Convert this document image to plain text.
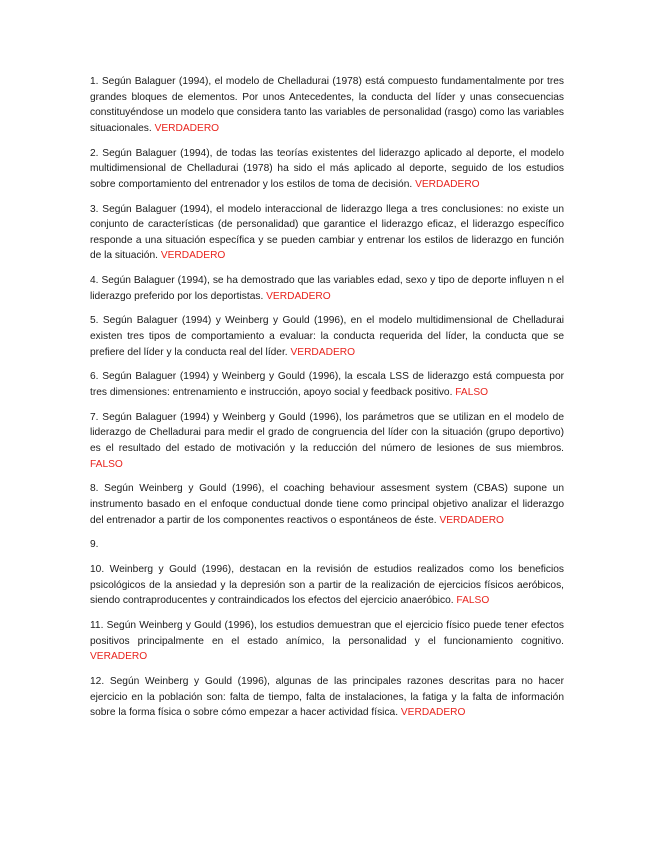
1. Según Balaguer (1994), el modelo de Chelladurai (1978) está compuesto fundamentalmente por tres grandes bloques de elementos. Por unos Antecedentes, la conducta del líder y unas consecuencias constituyéndose un modelo que considera tanto las variables de personalidad (rasgo) como las variables situacionales. VERDADERO

2. Según Balaguer (1994), de todas las teorías existentes del liderazgo aplicado al deporte, el modelo multidimensional de Chelladurai (1978) ha sido el más aplicado al deporte, seguido de los estudios sobre comportamiento del entrenador y los estilos de toma de decisión. VERDADERO

3. Según Balaguer (1994), el modelo interaccional de liderazgo llega a tres conclusiones: no existe un conjunto de características (de personalidad) que garantice el liderazgo eficaz, el liderazgo específico responde a una situación específica y se pueden cambiar y entrenar los estilos de liderazgo en función de la situación. VERDADERO

4. Según Balaguer (1994), se ha demostrado que las variables edad, sexo y tipo de deporte influyen n el liderazgo preferido por los deportistas. VERDADERO

5. Según Balaguer (1994) y Weinberg y Gould (1996), en el modelo multidimensional de Chelladurai existen tres tipos de comportamiento a evaluar: la conducta requerida del líder, la conducta que se prefiere del líder y la conducta real del líder. VERDADERO

6. Según Balaguer (1994) y Weinberg y Gould (1996), la escala LSS de liderazgo está compuesta por tres dimensiones: entrenamiento e instrucción, apoyo social y feedback positivo. FALSO

7. Según Balaguer (1994) y Weinberg y Gould (1996), los parámetros que se utilizan en el modelo de liderazgo de Chelladurai para medir el grado de congruencia del líder con la situación (grupo deportivo) es el resultado del estado de motivación y la reducción del número de lesiones de sus miembros. FALSO

8. Según Weinberg y Gould (1996), el coaching behaviour assesment system (CBAS) supone un instrumento basado en el enfoque conductual donde tiene como principal objetivo analizar el liderazgo del entrenador a partir de los componentes reactivos o espontáneos de éste. VERDADERO

9.

10. Weinberg y Gould (1996), destacan en la revisión de estudios realizados como los beneficios psicológicos de la ansiedad y la depresión son a partir de la realización de ejercicios físicos aeróbicos, siendo contraproducentes y contraindicados los efectos del ejercicio anaeróbico. FALSO

11. Según Weinberg y Gould (1996), los estudios demuestran que el ejercicio físico puede tener efectos positivos principalmente en el estado anímico, la personalidad y el funcionamiento cognitivo. VERADERO

12. Según Weinberg y Gould (1996), algunas de las principales razones descritas para no hacer ejercicio en la población son: falta de tiempo, falta de instalaciones, la fatiga y la falta de información sobre la forma física o sobre cómo empezar a hacer actividad física. VERDADERO
